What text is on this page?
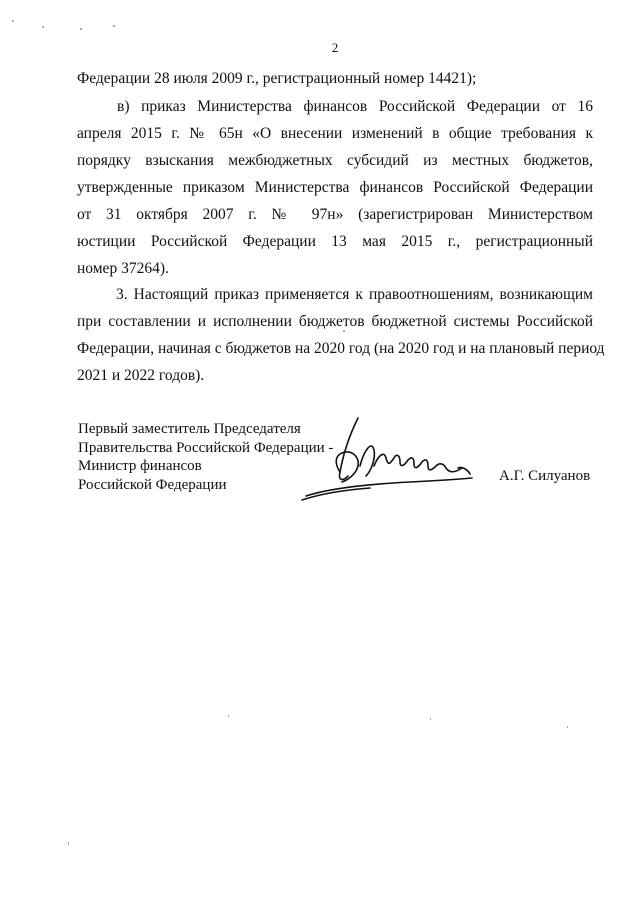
2
Федерации 28 июля 2009 г., регистрационный номер 14421);
в) приказ Министерства финансов Российской Федерации от 16
апреля 2015 г. № 65н «О внесении изменений в общие требования к
порядку взыскания межбюджетных субсидий из местных бюджетов,
утвержденные приказом Министерства финансов Российской Федерации
от 31 октября 2007 г. № 97н» (зарегистрирован Министерством
юстиции Российской Федерации 13 мая 2015 г., регистрационный
номер 37264).
3. Настоящий приказ применяется к правоотношениям, возникающим
при составлении и исполнении бюджетов бюджетной системы Российской
Федерации, начиная с бюджетов на 2020 год (на 2020 год и на плановый период
2021 и 2022 годов).
Первый заместитель Председателя
Правительства Российской Федерации -
Министр финансов
Российской Федерации
А.Г. Силуанов
